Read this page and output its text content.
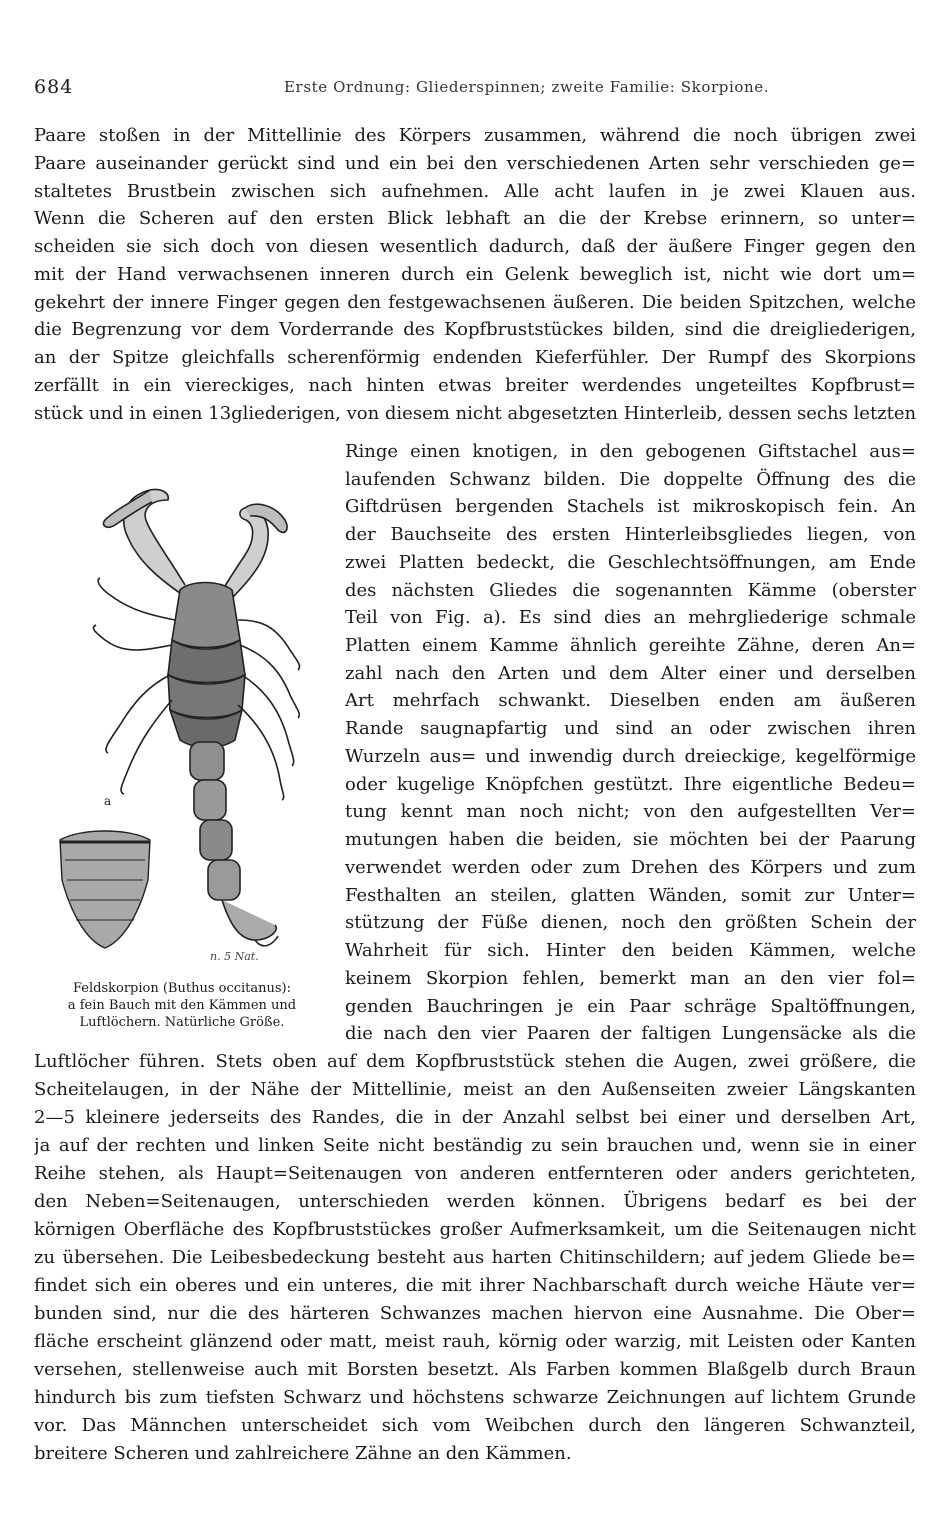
684	Erste Ordnung: Gliederspinnen; zweite Familie: Skorpione.
Paare stoßen in der Mittellinie des Körpers zusammen, während die noch übrigen zwei
Paare auseinander gerückt sind und ein bei den verschiedenen Arten sehr verschieden ge=
staltetes Brustbein zwischen sich aufnehmen. Alle acht laufen in je zwei Klauen aus.
Wenn die Scheren auf den ersten Blick lebhaft an die der Krebse erinnern, so unter=
scheiden sie sich doch von diesen wesentlich dadurch, daß der äußere Finger gegen den
mit der Hand verwachsenen inneren durch ein Gelenk beweglich ist, nicht wie dort um=
gekehrt der innere Finger gegen den festgewachsenen äußeren. Die beiden Spitzchen, welche
die Begrenzung vor dem Vorderrande des Kopfbruststückes bilden, sind die dreigliederigen,
an der Spitze gleichfalls scherenförmig endenden Kieferfühler. Der Rumpf des Skorpions
zerfällt in ein viereckiges, nach hinten etwas breiter werdendes ungeteiltes Kopfbrust=
stück und in einen 13gliederigen, von diesem nicht abgesetzten Hinterleib, dessen sechs letzten
Ringe einen knotigen, in den gebogenen Giftstachel aus=
laufenden Schwanz bilden. Die doppelte Öffnung des die
Giftdrüsen bergenden Stachels ist mikroskopisch fein. An
der Bauchseite des ersten Hinterleibsgliedes liegen, von
zwei Platten bedeckt, die Geschlechtsöffnungen, am Ende
des nächsten Gliedes die sogenannten Kämme (oberster
Teil von Fig. a). Es sind dies an mehrgliederige schmale
Platten einem Kamme ähnlich gereihte Zähne, deren An=
zahl nach den Arten und dem Alter einer und derselben
Art mehrfach schwankt. Dieselben enden am äußeren
Rande saugnapfartig und sind an oder zwischen ihren
Wurzeln aus= und inwendig durch dreieckige, kegelförmige
oder kugelige Knöpfchen gestützt. Ihre eigentliche Bedeu=
tung kennt man noch nicht; von den aufgestellten Ver=
mutungen haben die beiden, sie möchten bei der Paarung
verwendet werden oder zum Drehen des Körpers und zum
Festhalten an steilen, glatten Wänden, somit zur Unter=
stützung der Füße dienen, noch den größten Schein der
Wahrheit für sich. Hinter den beiden Kämmen, welche
keinem Skorpion fehlen, bemerkt man an den vier fol=
genden Bauchringen je ein Paar schräge Spaltöffnungen,
die nach den vier Paaren der faltigen Lungensäcke als die
Luftlöcher führen. Stets oben auf dem Kopfbruststück stehen die Augen, zwei größere, die
Scheitelaugen, in der Nähe der Mittellinie, meist an den Außenseiten zweier Längskanten
2—5 kleinere jederseits des Randes, die in der Anzahl selbst bei einer und derselben Art,
ja auf der rechten und linken Seite nicht beständig zu sein brauchen und, wenn sie in einer
Reihe stehen, als Haupt=Seitenaugen von anderen entfernteren oder anders gerichteten,
den Neben=Seitenaugen, unterschieden werden können. Übrigens bedarf es bei der
körnigen Oberfläche des Kopfbruststückes großer Aufmerksamkeit, um die Seitenaugen nicht
zu übersehen. Die Leibesbedeckung besteht aus harten Chitinschildern; auf jedem Gliede be=
findet sich ein oberes und ein unteres, die mit ihrer Nachbarschaft durch weiche Häute ver=
bunden sind, nur die des härteren Schwanzes machen hiervon eine Ausnahme. Die Ober=
fläche erscheint glänzend oder matt, meist rauh, körnig oder warzig, mit Leisten oder Kanten
versehen, stellenweise auch mit Borsten besetzt. Als Farben kommen Blaßgelb durch Braun
hindurch bis zum tiefsten Schwarz und höchstens schwarze Zeichnungen auf lichtem Grunde
vor. Das Männchen unterscheidet sich vom Weibchen durch den längeren Schwanzteil,
breitere Scheren und zahlreichere Zähne an den Kämmen.
a
n. 5 Nat.
Feldskorpion (Buthus occitanus):
a fein Bauch mit den Kämmen und
Luftlöchern. Natürliche Größe.
